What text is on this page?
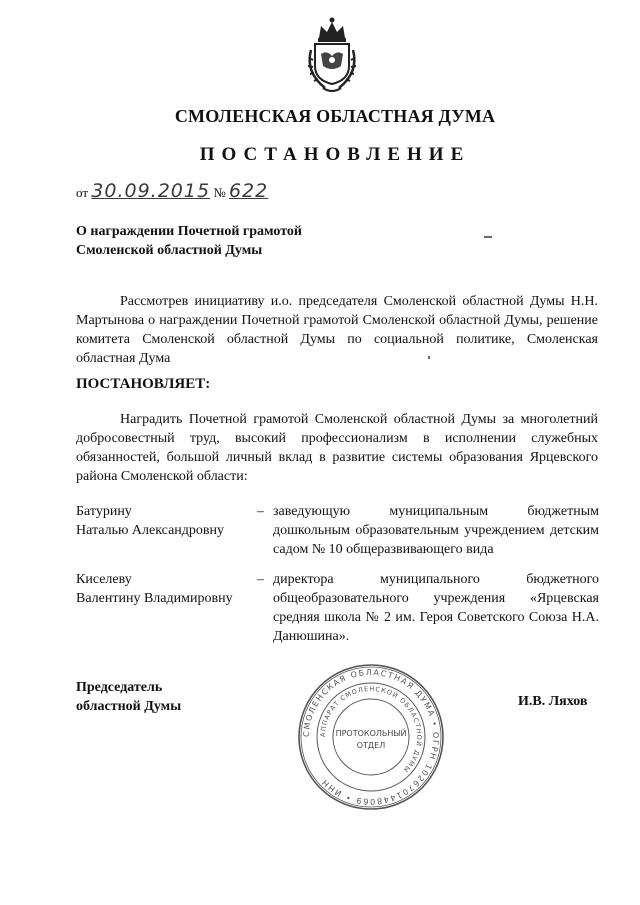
СМОЛЕНСКАЯ ОБЛАСТНАЯ ДУМА
ПОСТАНОВЛЕНИЕ
от 30.09.2015 № 622
О награждении Почетной грамотой
Смоленской областной Думы
Рассмотрев инициативу и.о. председателя Смоленской областной Думы Н.Н. Мартынова о награждении Почетной грамотой Смоленской областной Думы, решение комитета Смоленской областной Думы по социальной политике, Смоленская областная Дума
ПОСТАНОВЛЯЕТ:
Наградить Почетной грамотой Смоленской областной Думы за многолетний добросовестный труд, высокий профессионализм в исполнении служебных обязанностей, большой личный вклад в развитие системы образования Ярцевского района Смоленской области:
Батурину
Наталью Александровну
– заведующую муниципальным бюджетным дошкольным образовательным учреждением детским садом № 10 общеразвивающего вида
Киселеву
Валентину Владимировну
– директора муниципального бюджетного общеобразовательного учреждения «Ярцевская средняя школа № 2 им. Героя Советского Союза Н.А. Данюшина».
Председатель
областной Думы	И.В. Ляхов
СМОЛЕНСКАЯ ОБЛАСТНАЯ ДУМА • ОГРН 1026701448069 • ИНН
АППАРАТ СМОЛЕНСКОЙ ОБЛАСТНОЙ ДУМЫ
ПРОТОКОЛЬНЫЙ
ОТДЕЛ
